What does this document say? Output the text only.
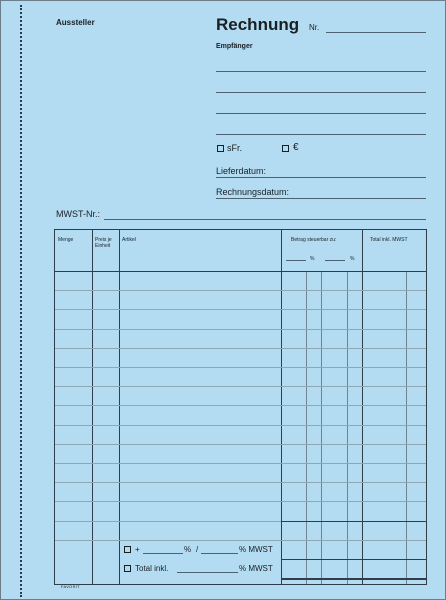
Aussteller	Rechnung Nr.
Empfänger
sFr.	€
Lieferdatum:
Rechnungsdatum:
MWST-Nr.:
Menge	Preis je
Einheit
Artikel	Betrag steuerbar zu:	Total inkl. MWST
%	%
+	% /	% MWST
Total inkl.	% MWST
FAVORIT
